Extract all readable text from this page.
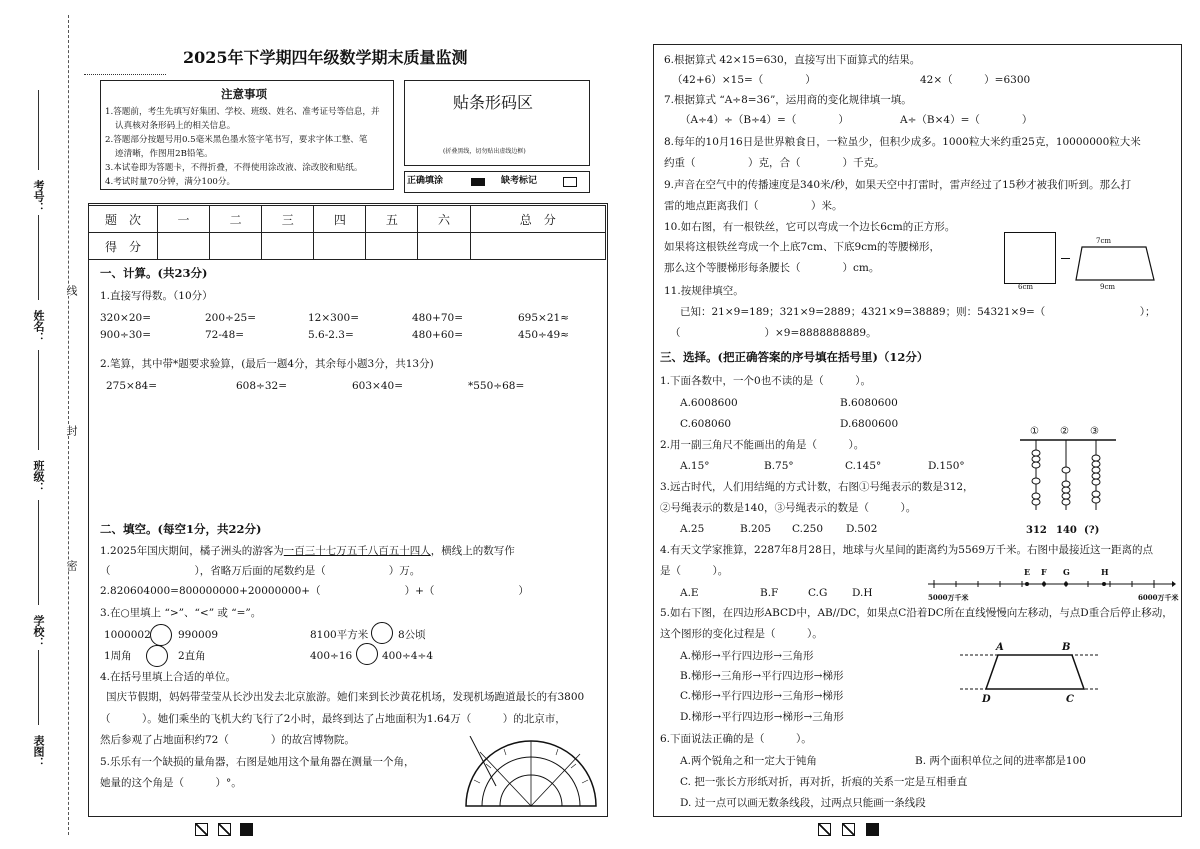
考号：
姓名：
班级：
学校：
表图：
线
封
密
2025年下学期四年级数学期末质量监测
注意事项
1.答题前，考生先填写好集团、学校、班级、姓名、准考证号等信息，并
认真核对条形码上的相关信息。
2.答题部分按题号用0.5毫米黑色墨水签字笔书写，要求字体工整、笔
迹清晰，作图用2B铅笔。
3.本试卷即为答题卡，不得折叠，不得使用涂改液、涂改胶和贴纸。
4.考试时量70分钟，满分100分。
贴条形码区
(折叠黑线，切勿贴出虚线边框)
正确填涂	缺考标记
题　次	一	二	三	四	五	六	总　分
得　分							
一、计算。(共23分)
1.直接写得数。（10分）
320×20=	200÷25=	12×300=	480+70=	695×21≈
900÷30=	72-48=	5.6-2.3=	480+60=	450÷49≈
2.笔算，其中带*题要求验算，(最后一题4分，其余每小题3分，共13分)
275×84=	608÷32=	603×40=	*550÷68=
二、填空。(每空1分，共22分)
1.2025年国庆期间，橘子洲头的游客为一百三十七万五千八百五十四人，横线上的数写作
（　　　　　　　　），省略万后面的尾数约是（　　　　　　）万。
2.820604000=800000000+20000000+（　　　　　　　　）+（　　　　　　　　）
3.在○里填上 “>”、“<” 或 “=”。
1000002	990009	8100平方米	8公顷
1周角	2直角	400÷16	400÷4÷4
4.在括号里填上合适的单位。
国庆节假期，妈妈带莹莹从长沙出发去北京旅游。她们来到长沙黄花机场，发现机场跑道最长的有3800
（　　　）。她们乘坐的飞机大约飞行了2小时，最终到达了占地面积为1.64万（　　　）的北京市，
然后参观了占地面积约72（　　　　）的故宫博物院。
5.乐乐有一个缺损的量角器，右图是她用这个量角器在测量一个角，
她量的这个角是（　　　）°。
6.根据算式 42×15=630，直接写出下面算式的结果。
（42+6）×15=（　　　　）	42×（　　　）=6300
7.根据算式 “A÷8=36”，运用商的变化规律填一填。
（A÷4）÷（B÷4）=（　　　　）	A÷（B×4）=（　　　　）
8.每年的10月16日是世界粮食日，一粒虽少，但积少成多。1000粒大米约重25克，10000000粒大米
约重（　　　　　）克，合（　　　　）千克。
9.声音在空气中的传播速度是340米/秒，如果天空中打雷时，雷声经过了15秒才被我们听到。那么打
雷的地点距离我们（　　　　　）米。
10.如右图，有一根铁丝，它可以弯成一个边长6cm的正方形。
如果将这根铁丝弯成一个上底7cm、下底9cm的等腰梯形，
那么这个等腰梯形每条腰长（　　　　）cm。
6cm
7cm
9cm
11.按规律填空。
已知：21×9=189；321×9=2889；4321×9=38889；则：54321×9=（　　　　　　　　　）；
（　　　　　　　　）×9=8888888889。
三、选择。(把正确答案的序号填在括号里)（12分）
1.下面各数中，一个0也不读的是（　　　）。
A.6008600	B.6080600
C.608060	D.6800600
2.用一副三角尺不能画出的角是（　　　）。
A.15°	B.75°	C.145°	D.150°
3.远古时代，人们用结绳的方式计数，右图①号绳表示的数是312，
②号绳表示的数是140，③号绳表示的数是（　　　）。
A.25	B.205 C.250 D.502
① ② ③
312 140 (?)
4.有天文学家推算，2287年8月28日，地球与火星间的距离约为5569万千米。右图中最接近这一距离的点
是（　　　）。
A.E	B.F	C.G D.H
E F G	H
5000万千米	6000万千米
5.如右下图，在四边形ABCD中，AB//DC，如果点C沿着DC所在直线慢慢向左移动，与点D重合后停止移动，
这个图形的变化过程是（　　　）。
A.梯形→平行四边形→三角形
B.梯形→三角形→平行四边形→梯形
C.梯形→平行四边形→三角形→梯形
D.梯形→平行四边形→梯形→三角形
A	B
D	C
6.下面说法正确的是（　　　）。
A.两个锐角之和一定大于钝角	B. 两个面积单位之间的进率都是100
C. 把一张长方形纸对折，再对折，折痕的关系一定是互相垂直
D. 过一点可以画无数条线段，过两点只能画一条线段
